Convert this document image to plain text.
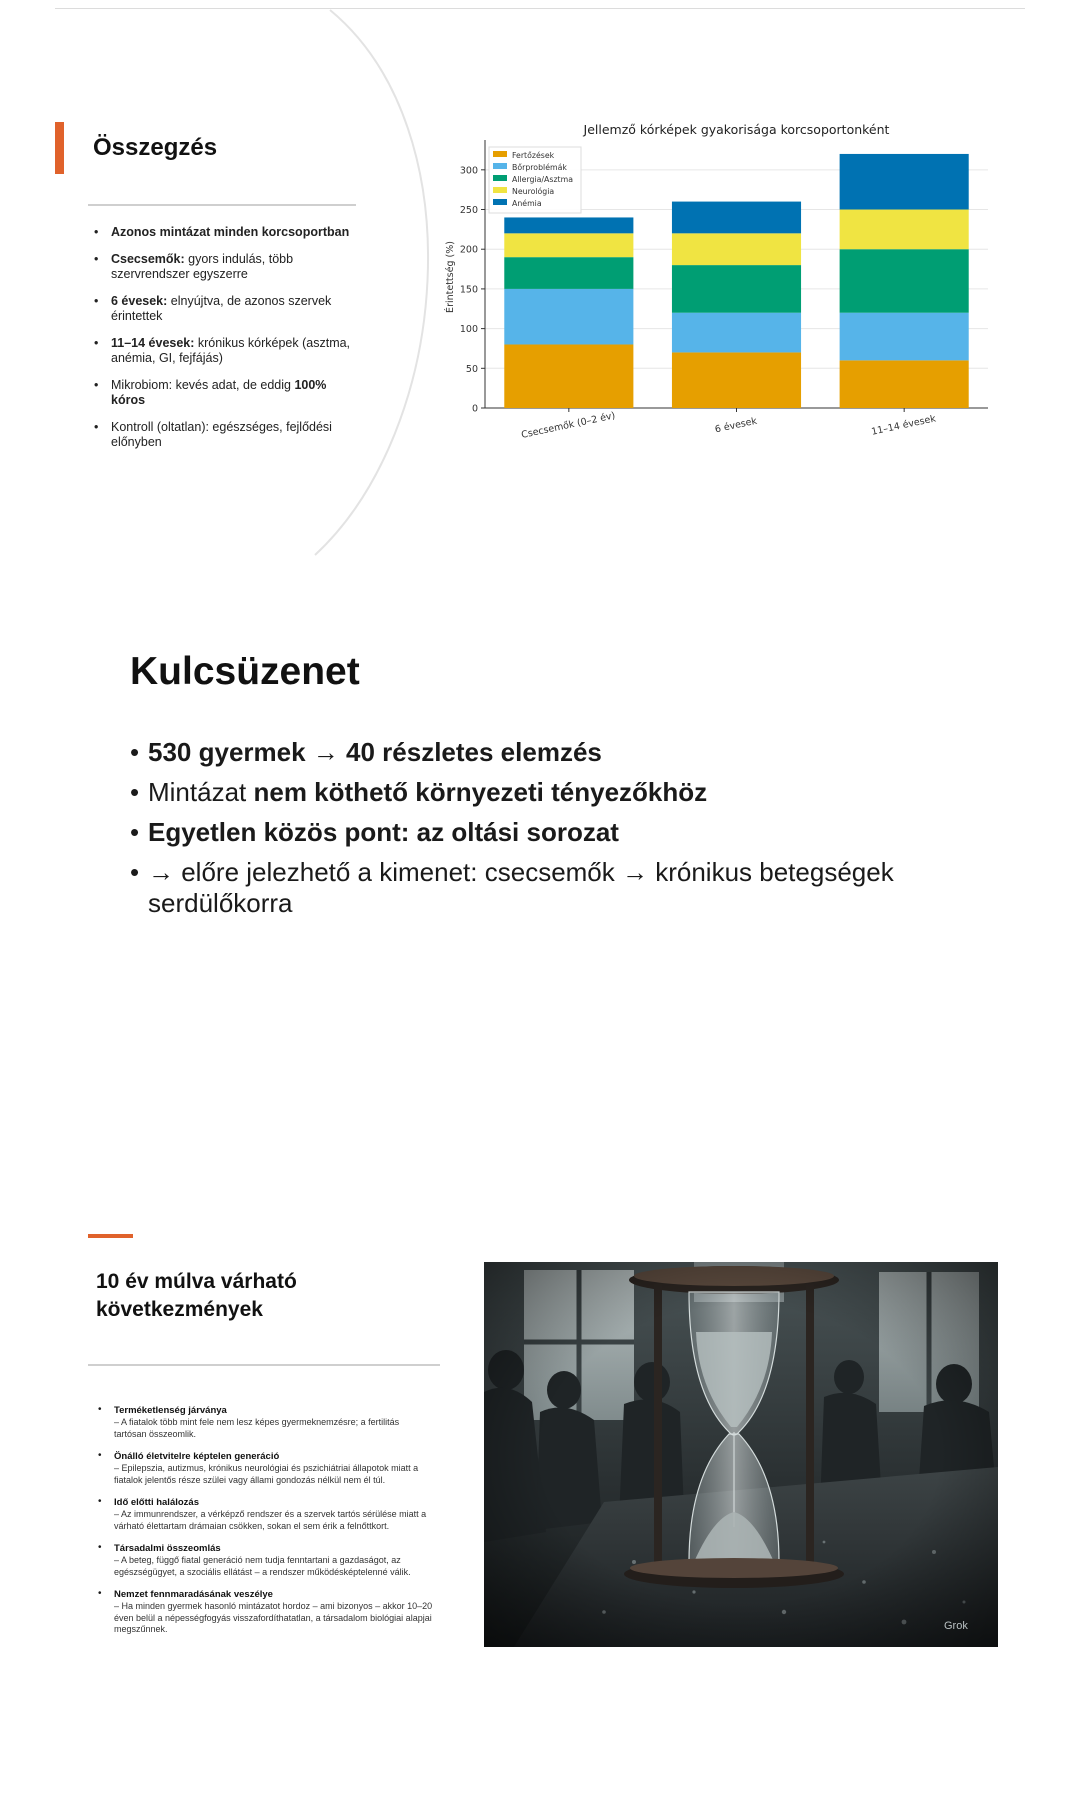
Összegzés
• Azonos mintázat minden korcsoportban
• Csecsemők: gyors indulás, több szervrendszer egyszerre
• 6 évesek: elnyújtva, de azonos szervek érintettek
• 11–14 évesek: krónikus kórképek (asztma, anémia, GI, fejfájás)
• Mikrobiom: kevés adat, de eddig 100% kóros
• Kontroll (oltatlan): egészséges, fejlődési előnyben
Jellemző kórképek gyakorisága korcsoportonként
0
50
100
150
200
250
300
Érintettség (%)
Csecsemők (0–2 év)	6 évesek	11–14 évesek
Fertőzések
Bőrproblémák
Allergia/Asztma
Neurológia
Anémia
Kulcsüzenet
• 530 gyermek → 40 részletes elemzés
• Mintázat nem köthető környezeti tényezőkhöz
• Egyetlen közös pont: az oltási sorozat
• → előre jelezhető a kimenet: csecsemők → krónikus betegségek serdülőkorra
10 év múlva várható következmények
• Terméketlenség járványa
– A fiatalok több mint fele nem lesz képes gyermeknemzésre; a fertilitás tartósan összeomlik.
• Önálló életvitelre képtelen generáció
– Epilepszia, autizmus, krónikus neurológiai és pszichiátriai állapotok miatt a fiatalok jelentős része szülei vagy állami gondozás nélkül nem él túl.
• Idő előtti halálozás
– Az immunrendszer, a vérképző rendszer és a szervek tartós sérülése miatt a várható élettartam drámaian csökken, sokan el sem érik a felnőttkort.
• Társadalmi összeomlás
– A beteg, függő fiatal generáció nem tudja fenntartani a gazdaságot, az egészségügyet, a szociális ellátást – a rendszer működésképtelenné válik.
• Nemzet fennmaradásának veszélye
– Ha minden gyermek hasonló mintázatot hordoz – ami bizonyos – akkor 10–20 éven belül a népességfogyás visszafordíthatatlan, a társadalom biológiai alapjai megszűnnek.	Grok
